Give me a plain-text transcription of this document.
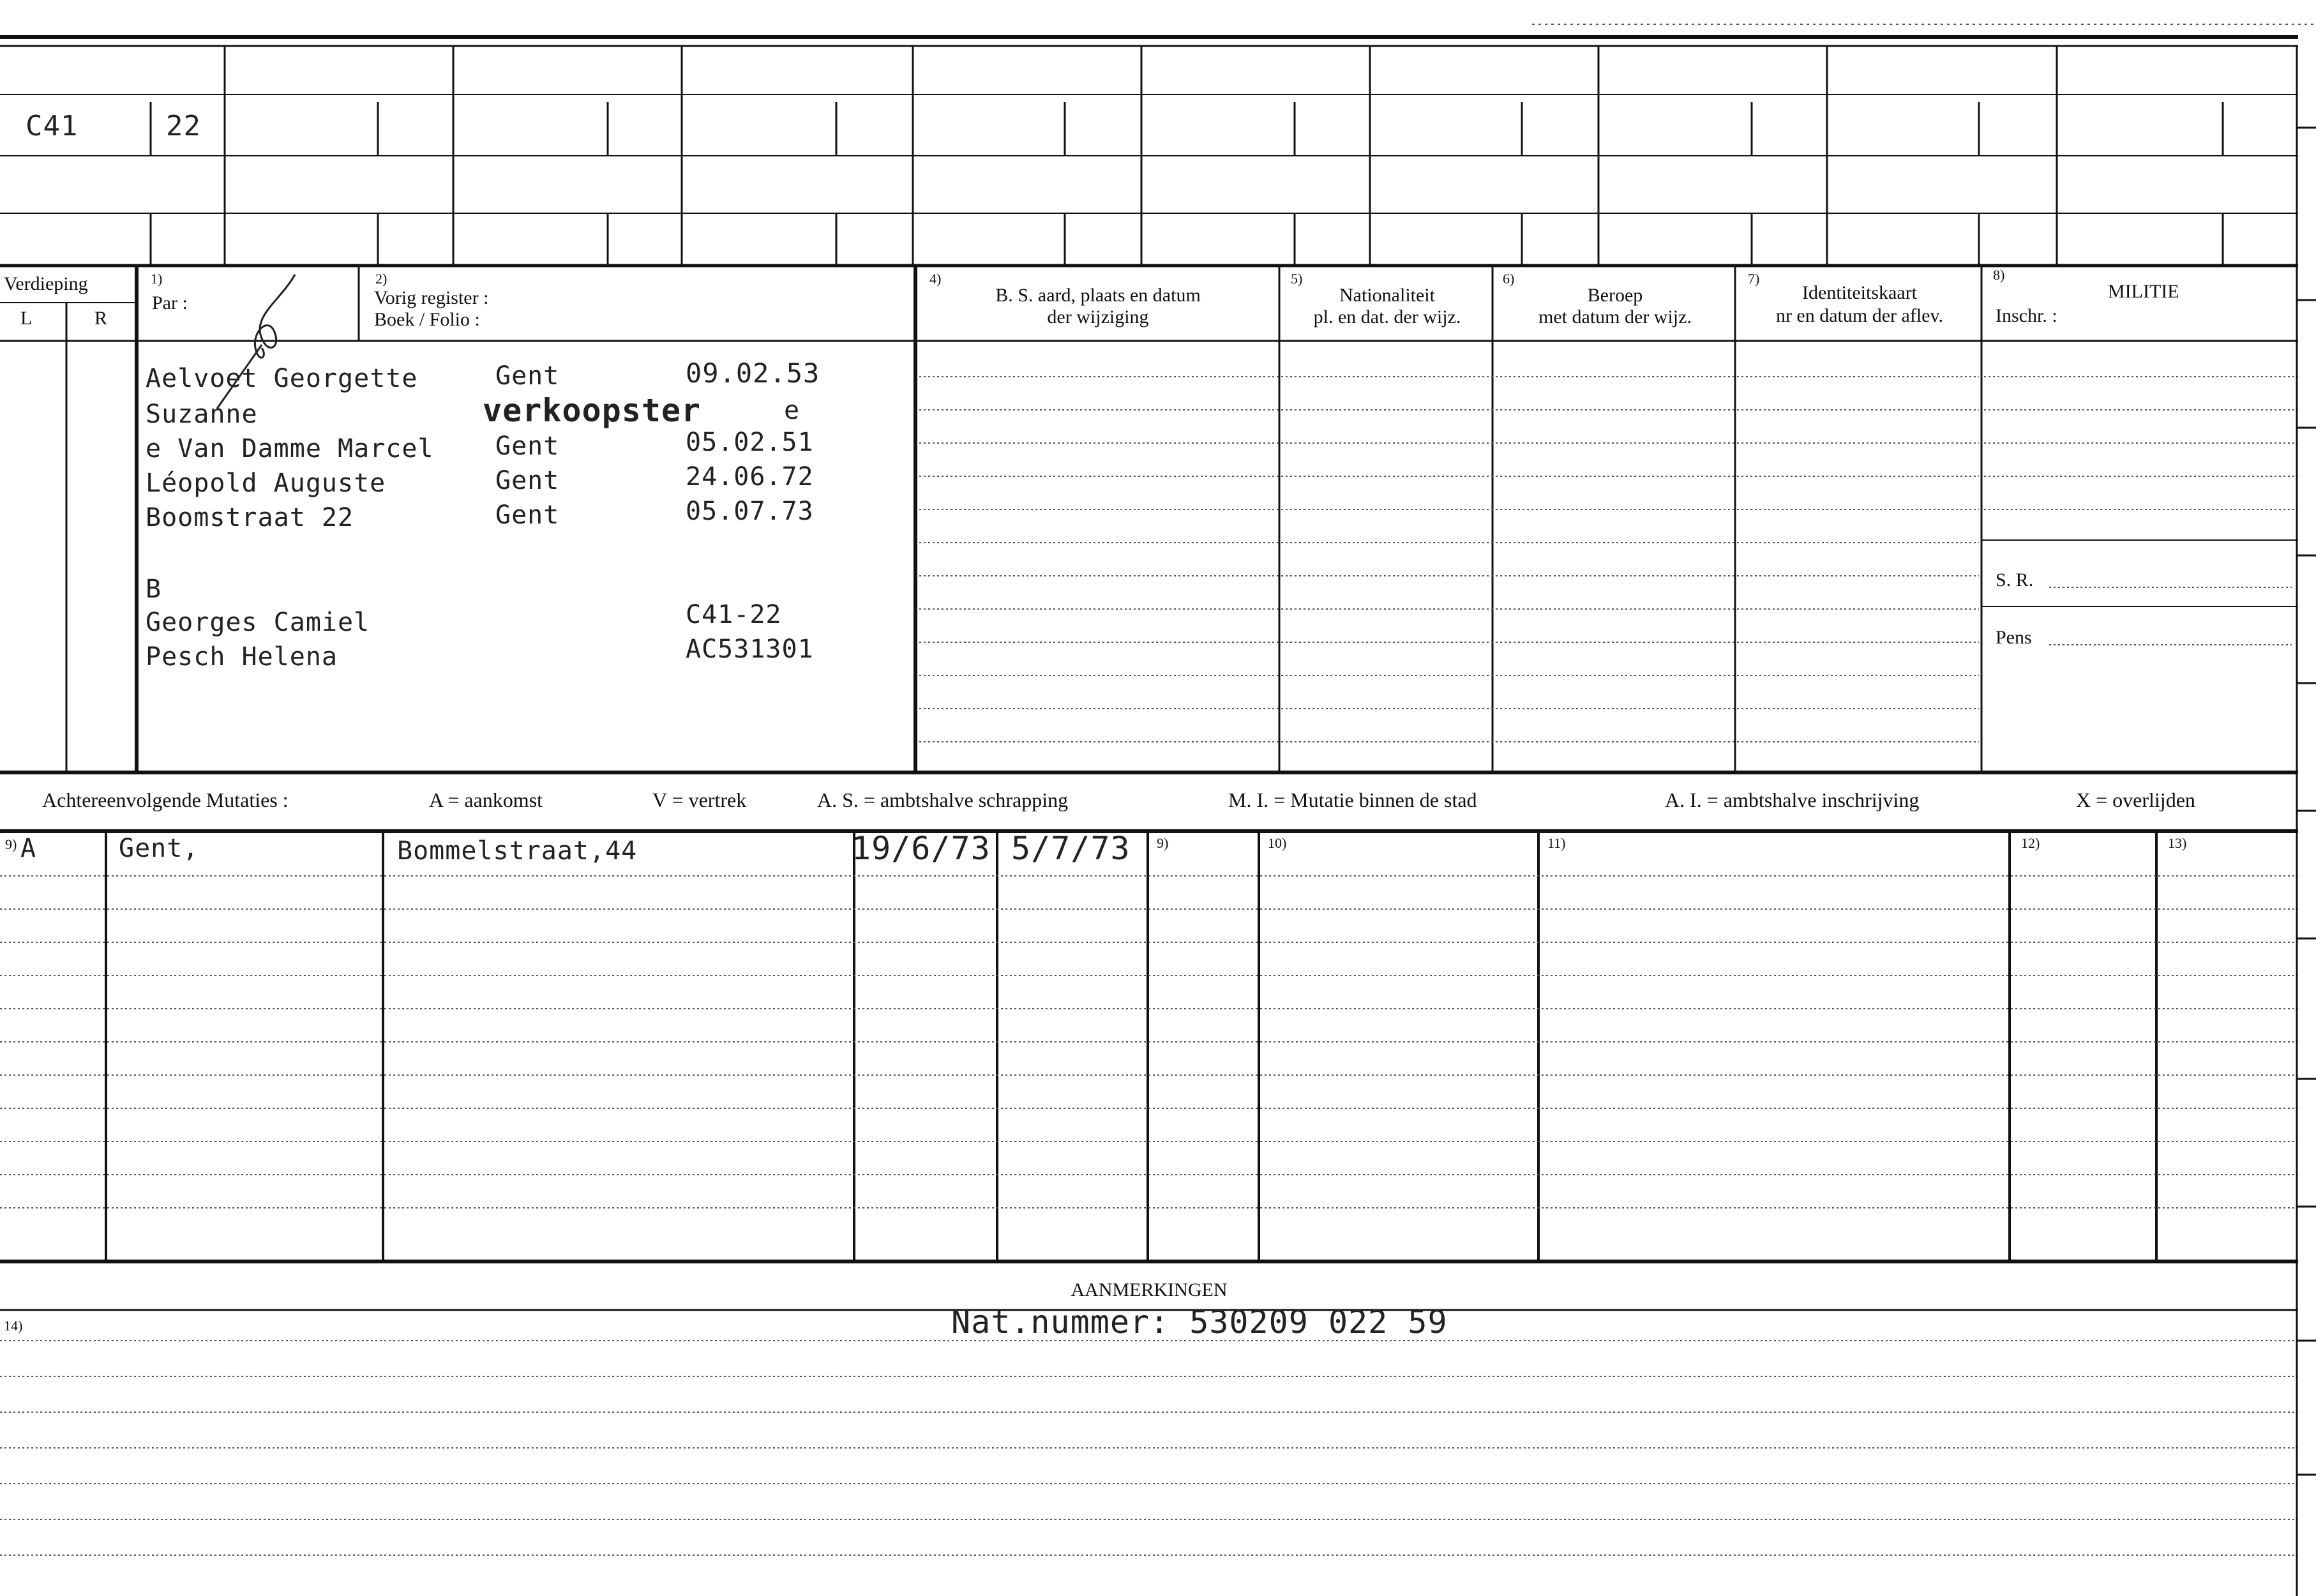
C41	22
Verdieping
L	R
1)
Par :
2)
Vorig register :
Boek / Folio :
4)
B. S. aard, plaats en datum
der wijziging
5)
Nationaliteit
pl. en dat. der wijz.
6)
Beroep
met datum der wijz.
7)
Identiteitskaart
nr en datum der aflev.
8)
MILITIE
Inschr. :
S. R.
Pens
Aelvoet Georgette	Gent	09.02.53
Suzanne	verkoopster	e
e Van Damme Marcel Gent	05.02.51
Léopold Auguste	Gent	24.06.72
Boomstraat 22	Gent	05.07.73
B
Georges Camiel	C41-22
Pesch Helena	AC531301
Achtereenvolgende Mutaties :	A = aankomst	V = vertrek	A. S. = ambtshalve schrapping	M. I. = Mutatie binnen de stad	A. I. = ambtshalve inschrijving	X = overlijden
9) A	Gent,	Bommelstraat,44	19/6/73 5/7/73 9)	10)	11)	12)	13)
AANMERKINGEN
14)	Nat.nummer: 530209 022 59
